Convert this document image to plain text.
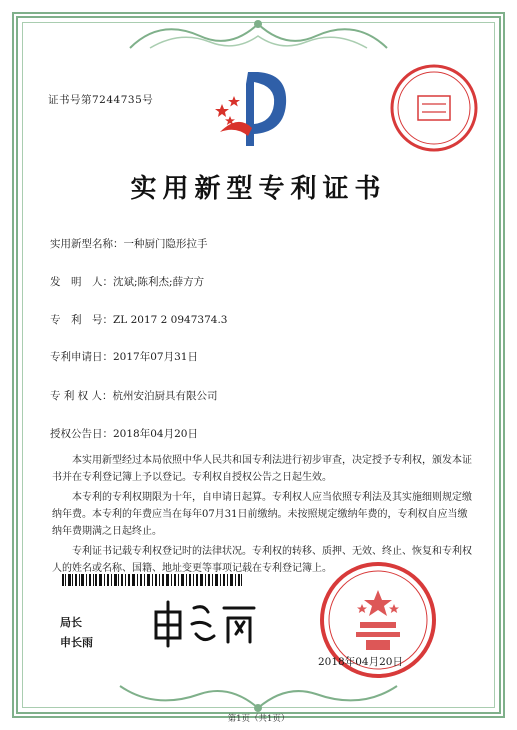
证书号第7244735号
实用新型专利证书
实用新型名称：一种厨门隐形拉手
发　明　人：沈斌;陈利杰;薛方方
专　利　号：ZL 2017 2 0947374.3
专利申请日：2017年07月31日
专 利 权 人：杭州安泊厨具有限公司
授权公告日：2018年04月20日

本实用新型经过本局依照中华人民共和国专利法进行初步审查，决定授予专利权，颁发本证书并在专利登记簿上予以登记。专利权自授权公告之日起生效。

本专利的专利权期限为十年，自申请日起算。专利权人应当依照专利法及其实施细则规定缴纳年费。本专利的年费应当在每年07月31日前缴纳。未按照规定缴纳年费的，专利权自应当缴纳年费期满之日起终止。

专利证书记载专利权登记时的法律状况。专利权的转移、质押、无效、终止、恢复和专利权人的姓名或名称、国籍、地址变更等事项记载在专利登记簿上。

局长
申长雨
2018年04月20日
第1页（共1页）
